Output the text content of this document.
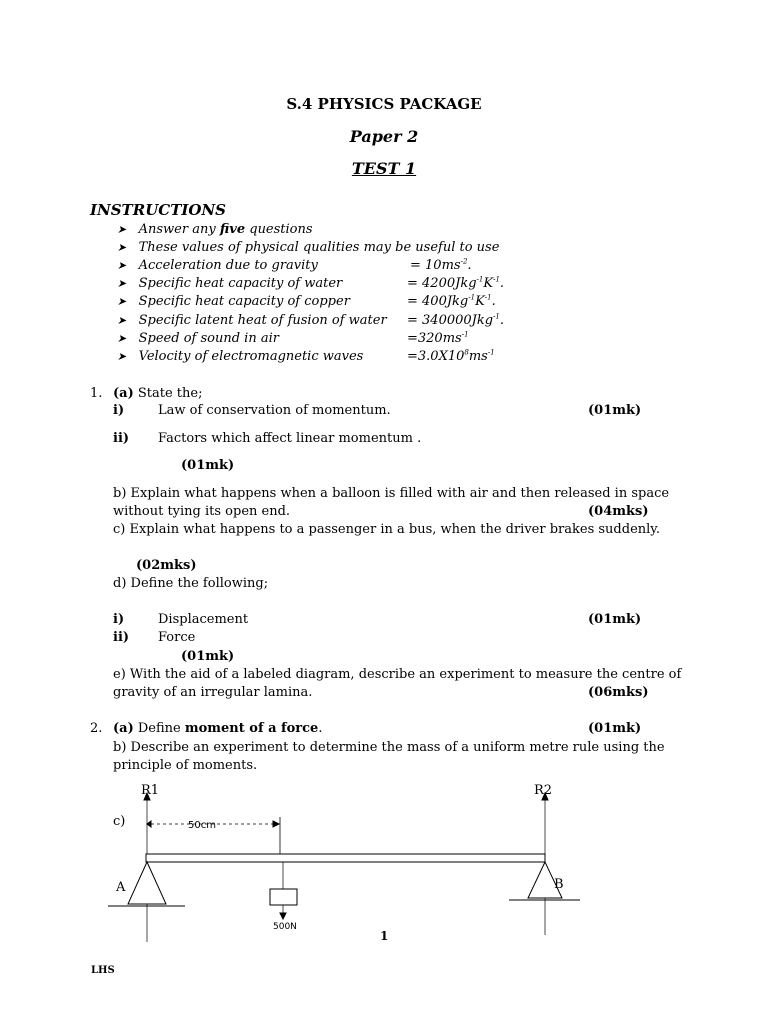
S.4 PHYSICS PACKAGE
Paper 2
TEST 1
INSTRUCTIONS
➤ Answer any five questions
➤ These values of physical qualities may be useful to use
➤ Acceleration due to gravity	= $10ms^{-2}$.
➤ Specific heat capacity of water	= $4200Jkg^{-1}K^{-1}$.
➤ Specific heat capacity of copper	= $400Jkg^{-1}K^{-1}$.
➤ Specific latent heat of fusion of water = 340000Jkg$^{-1}$.
➤ Speed of sound in air	$=320ms^{-1}$
➤ Velocity of electromagnetic waves	$=3.0X10^8ms^{-1}$
1. (a) State the;
i)	Law of conservation of momentum.	(01mk)
ii) Factors which affect linear momentum .
(01mk)
b) Explain what happens when a balloon is filled with air and then released in space
without tying its open end.	(04mks)
c) Explain what happens to a passenger in a bus, when the driver brakes suddenly.
(02mks)
d) Define the following;
i)	Displacement	(01mk)
ii) Force
(01mk)
e) With the aid of a labeled diagram, describe an experiment to measure the centre of
gravity of an irregular lamina.	(06mks)
2. (a) Define moment of a force.	(01mk)
b) Describe an experiment to determine the mass of a uniform metre rule using the
principle of moments.
R1	R2
c)	50cm
A	B
500N
1
LHS
